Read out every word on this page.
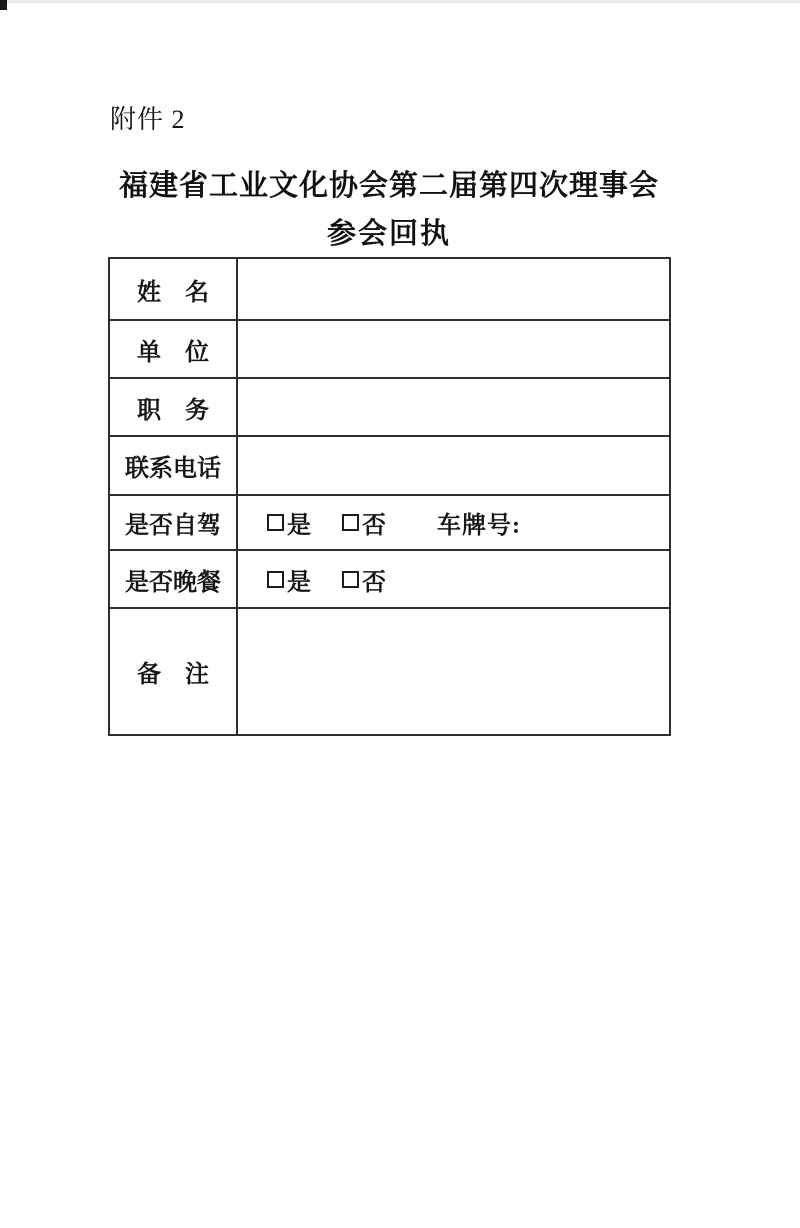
附件 2
福建省工业文化协会第二届第四次理事会
参会回执
姓　名
单　位
职　务
联系电话
是否自驾	是 否 车牌号:
是否晚餐	是 否
备　注
